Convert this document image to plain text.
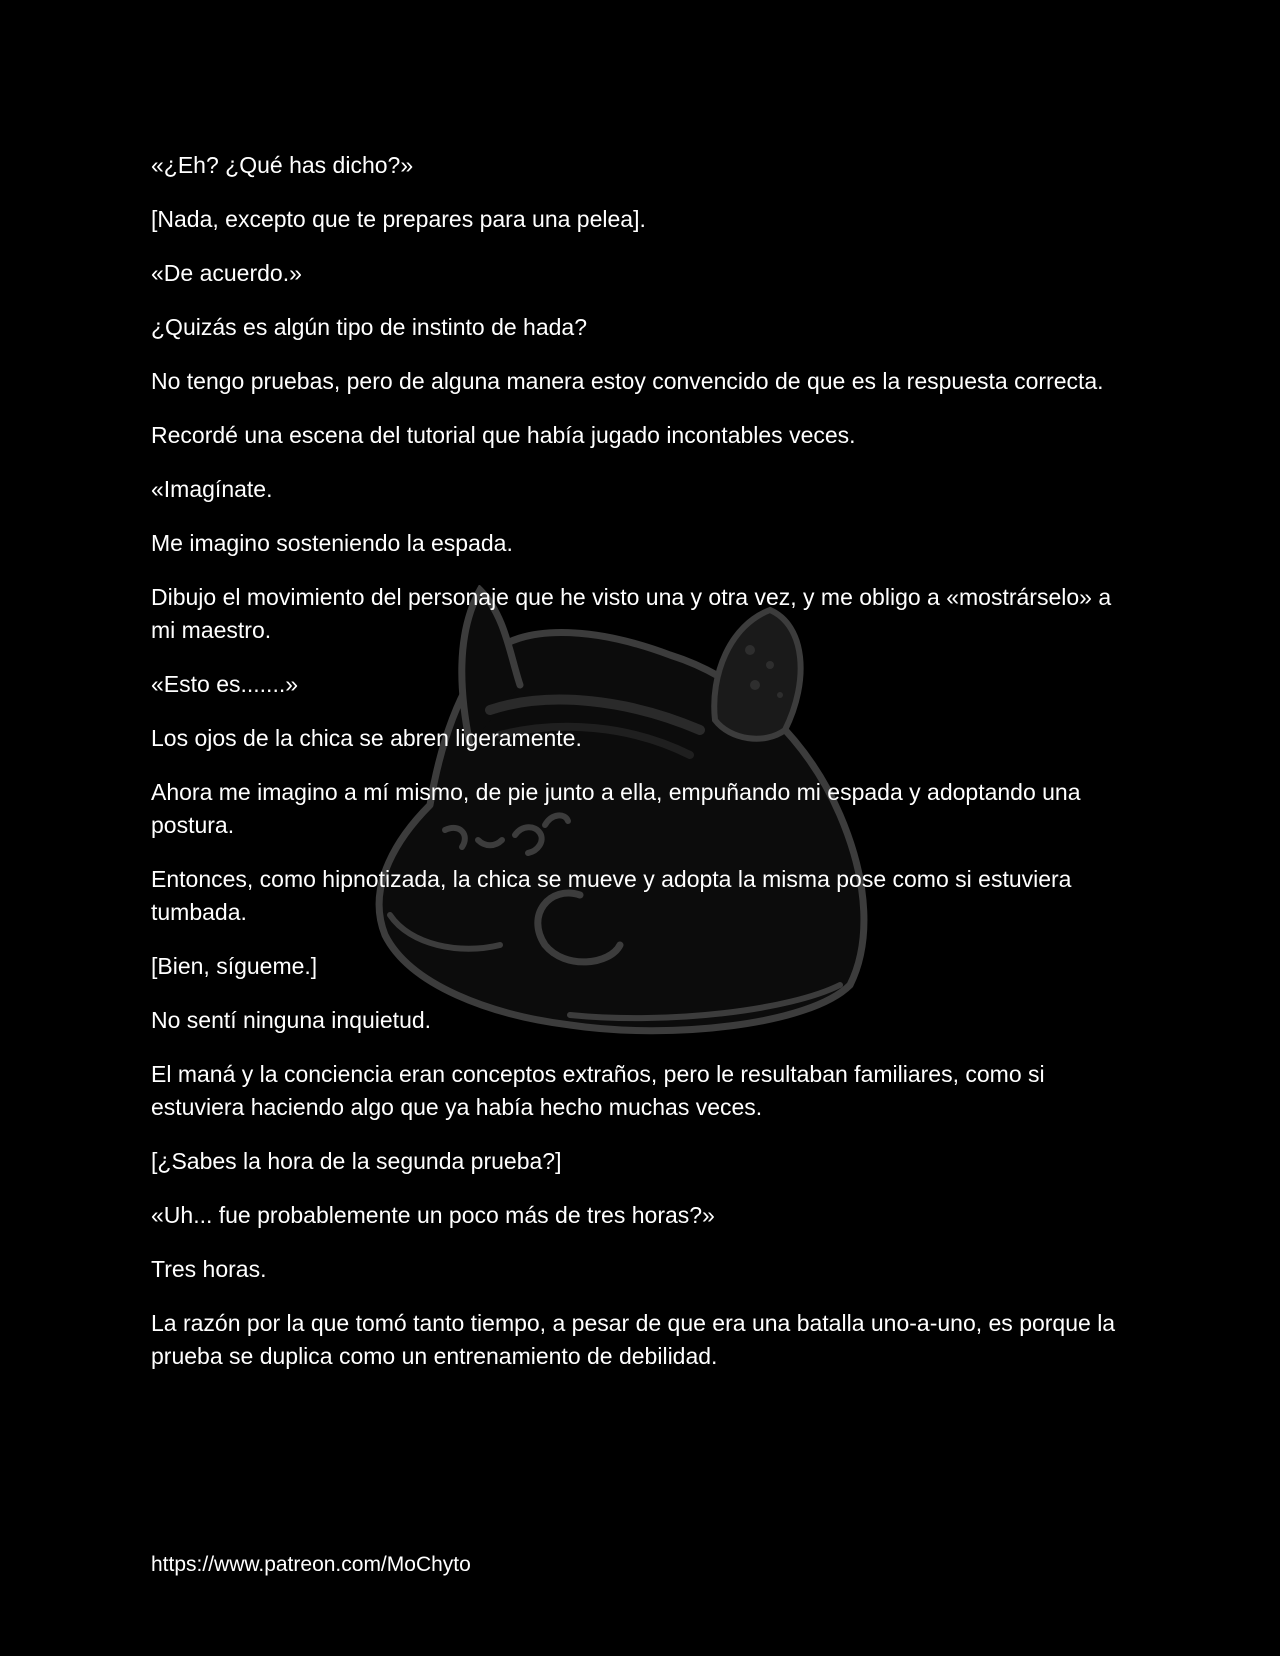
«¿Eh? ¿Qué has dicho?»

[Nada, excepto que te prepares para una pelea].

«De acuerdo.»

¿Quizás es algún tipo de instinto de hada?

No tengo pruebas, pero de alguna manera estoy convencido de que es la respuesta correcta.

Recordé una escena del tutorial que había jugado incontables veces.

«Imagínate.

Me imagino sosteniendo la espada.

Dibujo el movimiento del personaje que he visto una y otra vez, y me obligo a «mostrárselo» a mi maestro.

«Esto es.......»

Los ojos de la chica se abren ligeramente.

Ahora me imagino a mí mismo, de pie junto a ella, empuñando mi espada y adoptando una postura.

Entonces, como hipnotizada, la chica se mueve y adopta la misma pose como si estuviera tumbada.

[Bien, sígueme.]

No sentí ninguna inquietud.

El maná y la conciencia eran conceptos extraños, pero le resultaban familiares, como si estuviera haciendo algo que ya había hecho muchas veces.

[¿Sabes la hora de la segunda prueba?]

«Uh... fue probablemente un poco más de tres horas?»

Tres horas.

La razón por la que tomó tanto tiempo, a pesar de que era una batalla uno-a-uno, es porque la prueba se duplica como un entrenamiento de debilidad.

https://www.patreon.com/MoChyto
